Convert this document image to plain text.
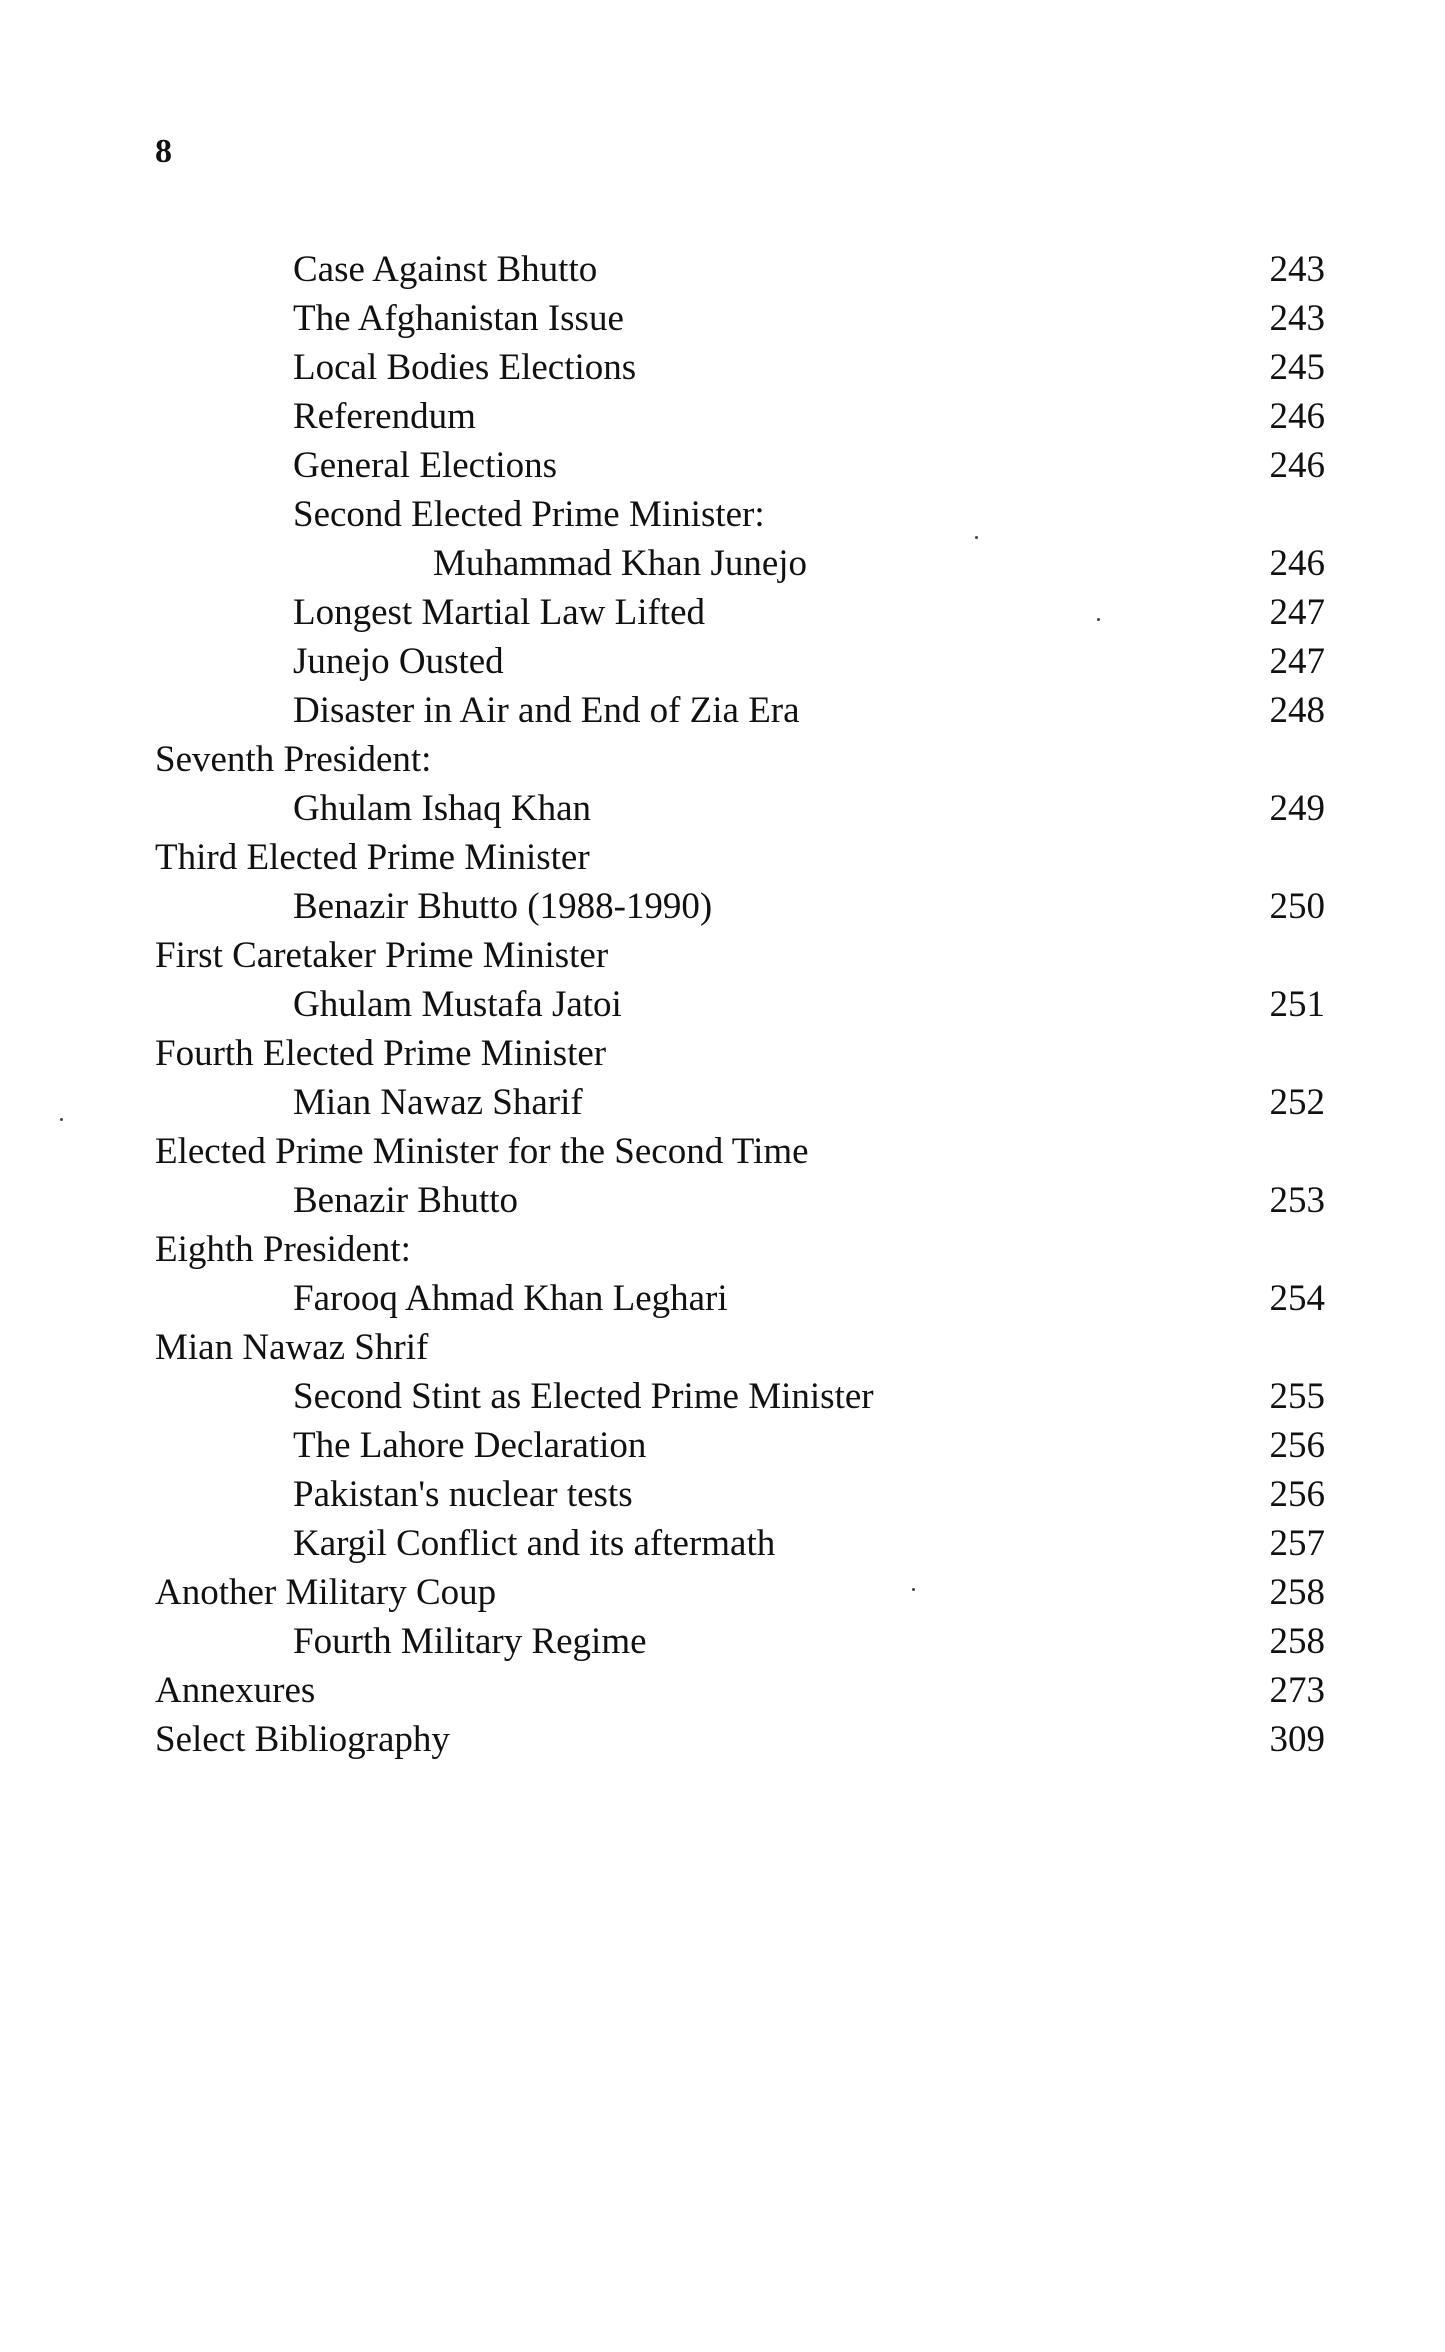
8
Case Against Bhutto	243
The Afghanistan Issue	243
Local Bodies Elections	245
Referendum	246
General Elections	246
Second Elected Prime Minister:
Muhammad Khan Junejo	246
Longest Martial Law Lifted	247
Junejo Ousted	247
Disaster in Air and End of Zia Era	248
Seventh President:
Ghulam Ishaq Khan	249
Third Elected Prime Minister
Benazir Bhutto (1988-1990)	250
First Caretaker Prime Minister
Ghulam Mustafa Jatoi	251
Fourth Elected Prime Minister
Mian Nawaz Sharif	252
Elected Prime Minister for the Second Time
Benazir Bhutto	253
Eighth President:
Farooq Ahmad Khan Leghari	254
Mian Nawaz Shrif
Second Stint as Elected Prime Minister	255
The Lahore Declaration	256
Pakistan's nuclear tests	256
Kargil Conflict and its aftermath	257
Another Military Coup	258
Fourth Military Regime	258
Annexures	273
Select Bibliography	309
